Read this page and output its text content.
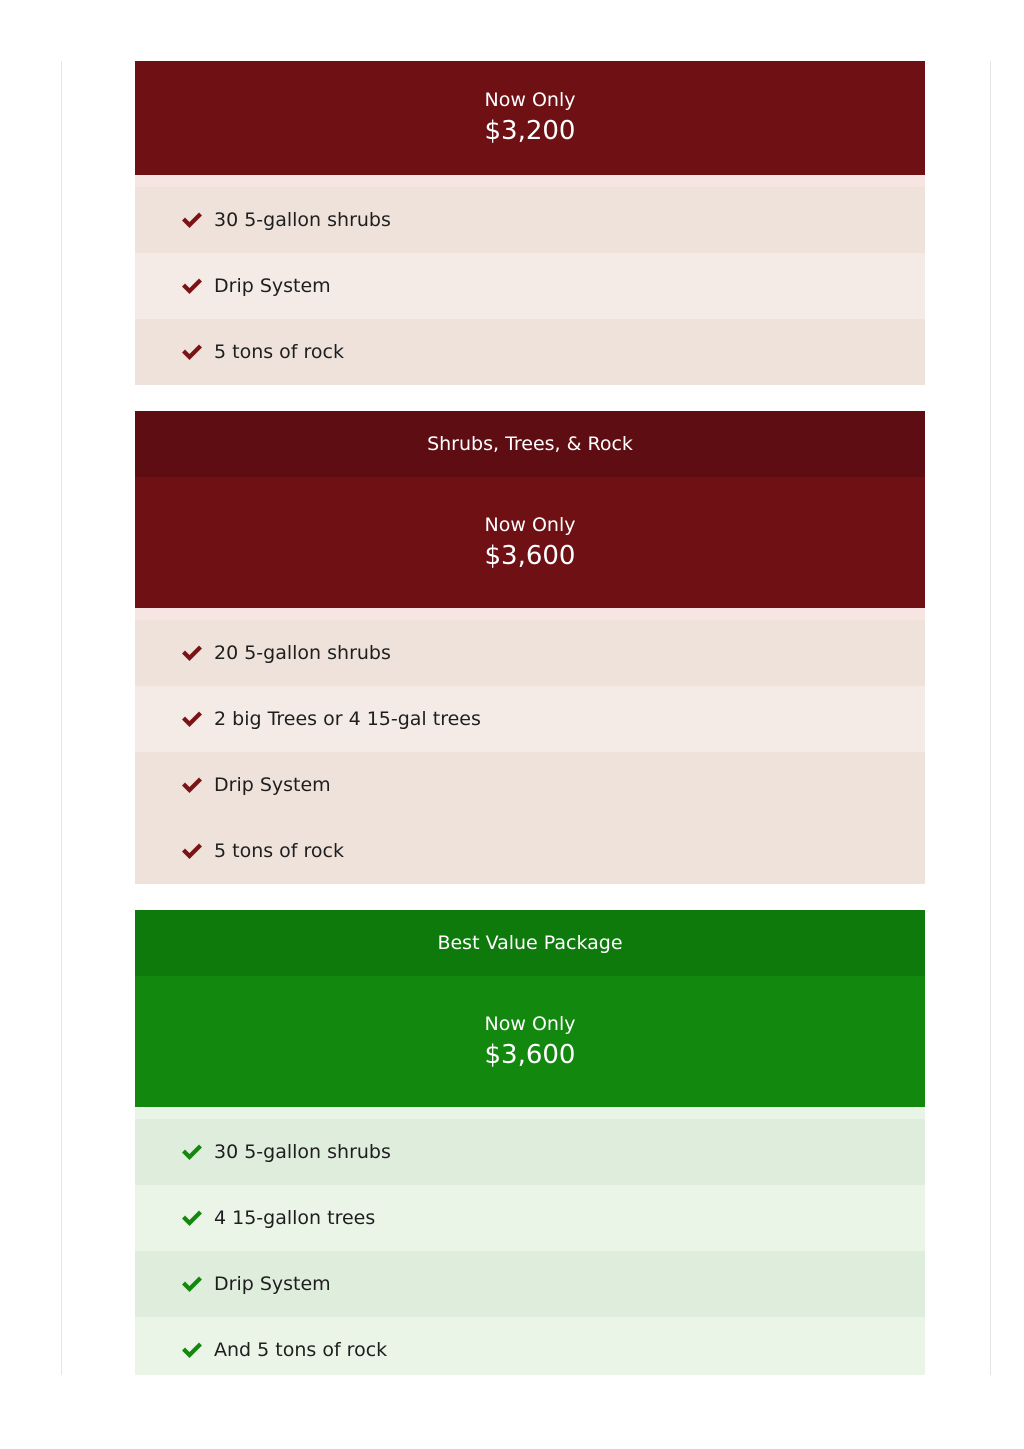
Now Only
$3,200
30 5-gallon shrubs
Drip System
5 tons of rock
Shrubs, Trees, & Rock
Now Only
$3,600
20 5-gallon shrubs
2 big Trees or 4 15-gal trees
Drip System
5 tons of rock
Best Value Package
Now Only
$3,600
30 5-gallon shrubs
4 15-gallon trees
Drip System
And 5 tons of rock
